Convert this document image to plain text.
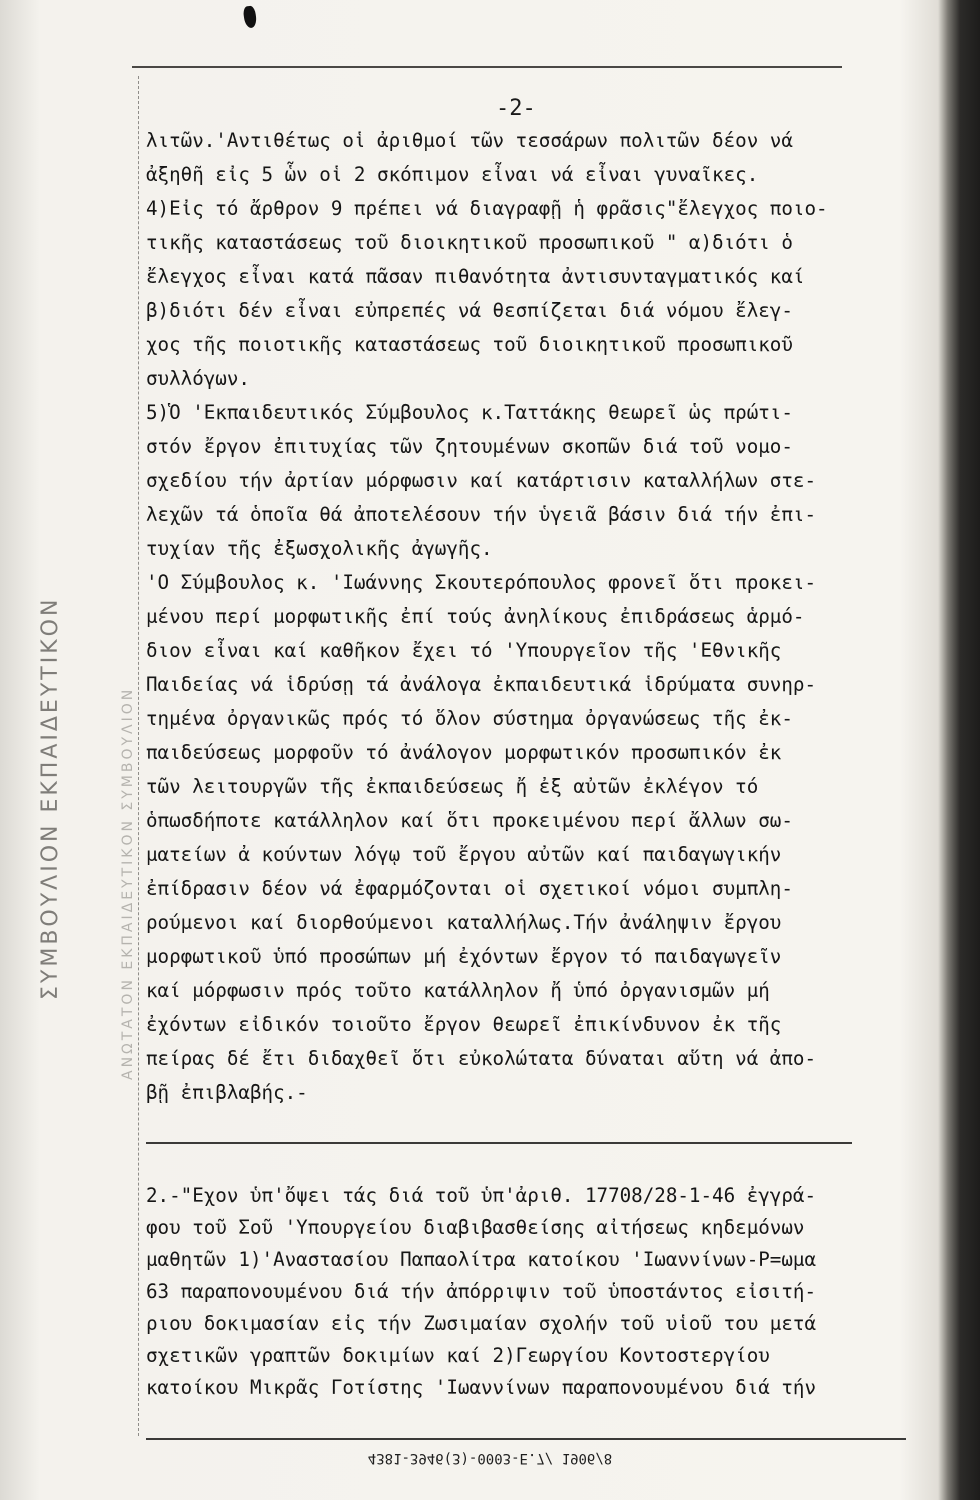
ΣΥΜΒΟΥΛΙΟΝ ΕΚΠΑΙΔΕΥΤΙΚΟΝ	ΑΝΩΤΑΤΟΝ ΕΚΠΑΙΔΕΥΤΙΚΟΝ ΣΥΜΒΟΥΛΙΟΝ
-2-
λιτῶν.'Αντιθέτως οἱ ἀριθμοί τῶν τεσσάρων πολιτῶν δέον νά
ἀξηθῆ εἰς 5 ὧν οἱ 2 σκόπιμον εἶναι νά εἶναι γυναῖκες.
4)Εἰς τό ἄρθρον 9 πρέπει νά διαγραφῇ ἡ φρᾶσις"ἔλεγχος ποιο-
τικῆς καταστάσεως τοῦ διοικητικοῦ προσωπικοῦ " α)διότι ὁ
ἔλεγχος εἶναι κατά πᾶσαν πιθανότητα ἀντισυνταγματικός καί
β)διότι δέν εἶναι εὐπρεπές νά θεσπίζεται διά νόμου ἔλεγ-
χος τῆς ποιοτικῆς καταστάσεως τοῦ διοικητικοῦ προσωπικοῦ
συλλόγων.
5)Ὁ 'Εκπαιδευτικός Σύμβουλος κ.Ταττάκης θεωρεῖ ὡς πρώτι-
στόν ἔργον ἐπιτυχίας τῶν ζητουμένων σκοπῶν διά τοῦ νομο-
σχεδίου τήν ἀρτίαν μόρφωσιν καί κατάρτισιν καταλλήλων στε-
λεχῶν τά ὁποῖα θά ἀποτελέσουν τήν ὑγειᾶ βάσιν διά τήν ἐπι-
τυχίαν τῆς ἐξωσχολικῆς ἀγωγῆς.
'Ο Σύμβουλος κ. 'Ιωάννης Σκουτερόπουλος φρονεῖ ὅτι προκει-
μένου περί μορφωτικῆς ἐπί τούς ἀνηλίκους ἐπιδράσεως ἁρμό-
διον εἶναι καί καθῆκον ἔχει τό 'Υπουργεῖον τῆς 'Εθνικῆς
Παιδείας νά ἱδρύσῃ τά ἀνάλογα ἐκπαιδευτικά ἱδρύματα συνηρ-
τημένα ὀργανικῶς πρός τό ὅλον σύστημα ὀργανώσεως τῆς ἐκ-
παιδεύσεως μορφοῦν τό ἀνάλογον μορφωτικόν προσωπικόν ἐκ
τῶν λειτουργῶν τῆς ἐκπαιδεύσεως ἤ ἐξ αὐτῶν ἐκλέγον τό
ὁπωσδήποτε κατάλληλον καί ὅτι προκειμένου περί ἄλλων σω-
ματείων ἀ κούντων λόγῳ τοῦ ἔργου αὐτῶν καί παιδαγωγικήν
ἐπίδρασιν δέον νά ἐφαρμόζονται οἱ σχετικοί νόμοι συμπλη-
ρούμενοι καί διορθούμενοι καταλλήλως.Τήν ἀνάληψιν ἔργου
μορφωτικοῦ ὑπό προσώπων μή ἐχόντων ἔργον τό παιδαγωγεῖν
καί μόρφωσιν πρός τοῦτο κατάλληλον ἤ ὑπό ὀργανισμῶν μή
ἐχόντων εἰδικόν τοιοῦτο ἔργον θεωρεῖ ἐπικίνδυνον ἐκ τῆς
πείρας δέ ἔτι διδαχθεῖ ὅτι εὐκολώτατα δύναται αὕτη νά ἀπο-
βῇ ἐπιβλαβής.-
2.-"Εχον ὑπ'ὄψει τάς διά τοῦ ὑπ'ἀριθ. 17708/28-1-46 ἐγγρά-
φου τοῦ Σοῦ 'Υπουργείου διαβιβασθείσης αἰτήσεως κηδεμόνων
μαθητῶν 1)'Αναστασίου Παπαολίτρα κατοίκου 'Ιωαννίνων-Ρ=ωμα
63 παραπονουμένου διά τήν ἀπόρριψιν τοῦ ὑποστάντος εἰσιτή-
ριου δοκιμασίαν εἰς τήν Ζωσιμαίαν σχολήν τοῦ υἱοῦ του μετά
σχετικῶν γραπτῶν δοκιμίων καί 2)Γεωργίου Κοντοστεργίου
κατοίκου Μικρᾶς Γοτίστης 'Ιωαννίνων παραπονουμένου διά τήν
4381-3946(3)-0003-E.7/ 1906/8
